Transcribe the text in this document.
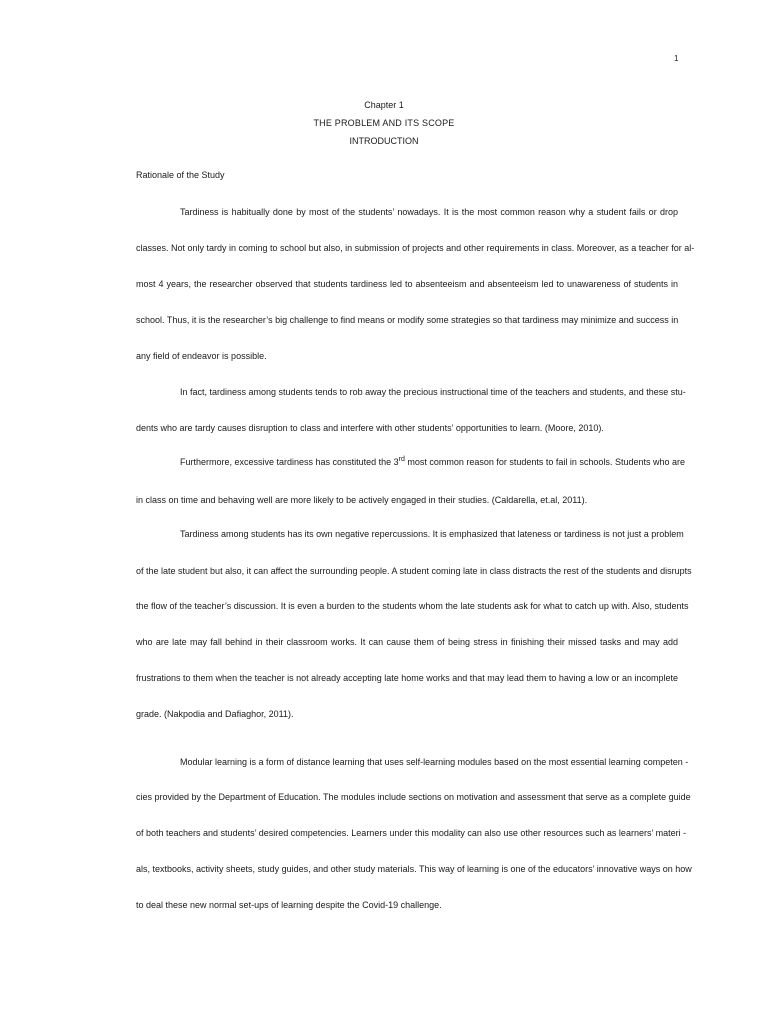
1
Chapter 1
THE PROBLEM AND ITS SCOPE
INTRODUCTION
Rationale of the Study
Tardiness is habitually done by most of the students’ nowadays. It is the most common reason why a student fails or drop
classes. Not only tardy in coming to school but also, in submission of projects and other requirements in class. Moreover, as a teacher for al-
most 4 years, the researcher observed that students tardiness led to absenteeism and absenteeism led to unawareness of students in
school. Thus, it is the researcher’s big challenge to find means or modify some strategies so that tardiness may minimize and success in
any field of endeavor is possible.
In fact, tardiness among students tends to rob away the precious instructional time of the teachers and students, and these stu-
dents who are tardy causes disruption to class and interfere with other students’ opportunities to learn. (Moore, 2010).
Furthermore, excessive tardiness has constituted the 3rd most common reason for students to fail in schools. Students who are
in class on time and behaving well are more likely to be actively engaged in their studies. (Caldarella, et.al, 2011).
Tardiness among students has its own negative repercussions. It is emphasized that lateness or tardiness is not just a problem
of the late student but also, it can affect the surrounding people. A student coming late in class distracts the rest of the students and disrupts
the flow of the teacher’s discussion. It is even a burden to the students whom the late students ask for what to catch up with. Also, students
who are late may fall behind in their classroom works. It can cause them of being stress in finishing their missed tasks and may add
frustrations to them when the teacher is not already accepting late home works and that may lead them to having a low or an incomplete
grade. (Nakpodia and Dafiaghor, 2011).
Modular learning is a form of distance learning that uses self-learning modules based on the most essential learning competen -
cies provided by the Department of Education. The modules include sections on motivation and assessment that serve as a complete guide
of both teachers and students’ desired competencies. Learners under this modality can also use other resources such as learners’ materi -
als, textbooks, activity sheets, study guides, and other study materials. This way of learning is one of the educators’ innovative ways on how
to deal these new normal set-ups of learning despite the Covid-19 challenge.
